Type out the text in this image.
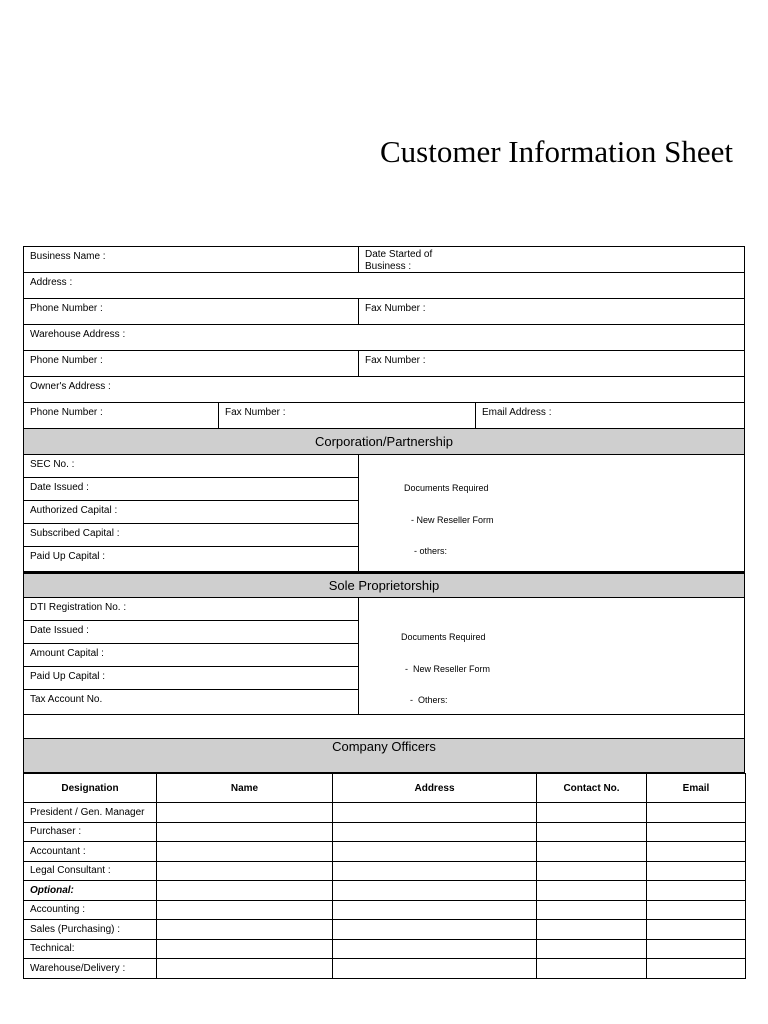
Customer Information Sheet
Business Name :	Date Started of
Business :
Address :
Phone Number :	Fax Number :
Warehouse Address :
Phone Number :	Fax Number :
Owner's Address :
Phone Number :	Fax Number :	Email Address :
Corporation/Partnership
SEC No. :
Date Issued :
Authorized Capital :
Subscribed Capital :
Paid Up Capital :

Documents Required

- New Reseller Form

- others:

Sole Proprietorship
DTI Registration No. :
Date Issued :
Amount Capital :
Paid Up Capital :
Tax Account No.

Documents Required

-  New Reseller Form

-  Others:

Company Officers
Designation	Name	Address	Contact No.	Email
President / Gen. Manager				
Purchaser :				
Accountant :				
Legal Consultant :				
Optional:				
Accounting :				
Sales (Purchasing) :				
Technical:				
Warehouse/Delivery :				
